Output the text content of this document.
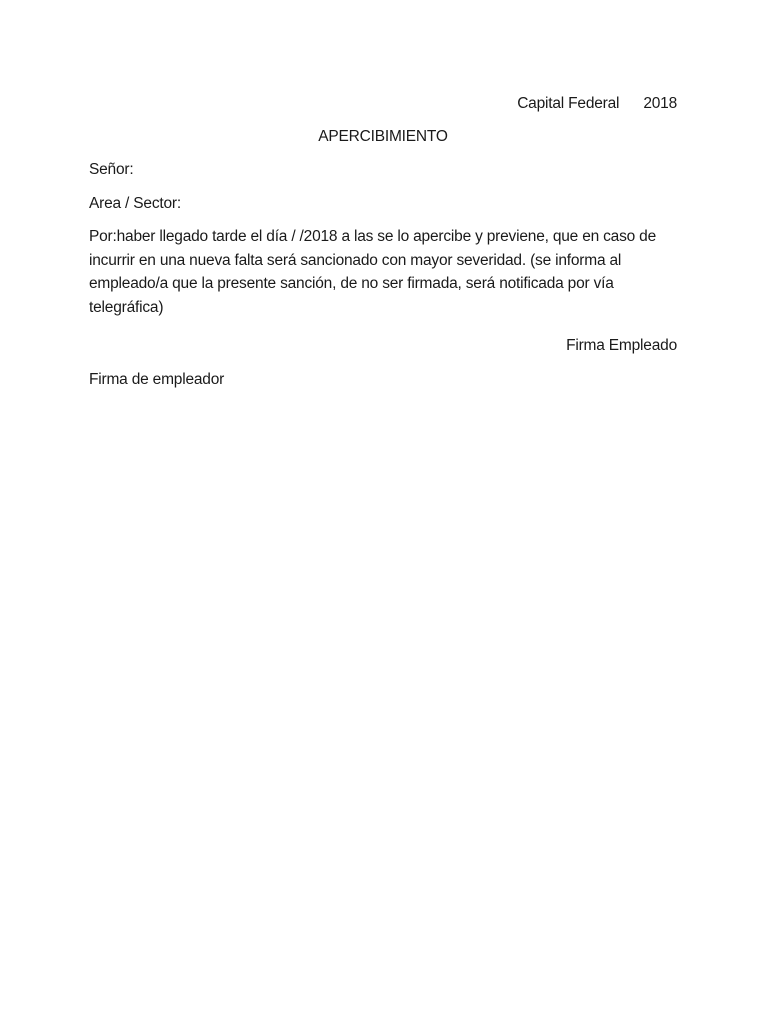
Capital Federal 2018
APERCIBIMIENTO
Señor:
Area / Sector:

Por:haber llegado tarde el día / /2018 a las se lo apercibe y previene, que en caso de

incurrir en una nueva falta será sancionado con mayor severidad. (se informa al

empleado/a que la presente sanción, de no ser firmada, será notificada por vía telegráfica)

Firma Empleado
Firma de empleador
